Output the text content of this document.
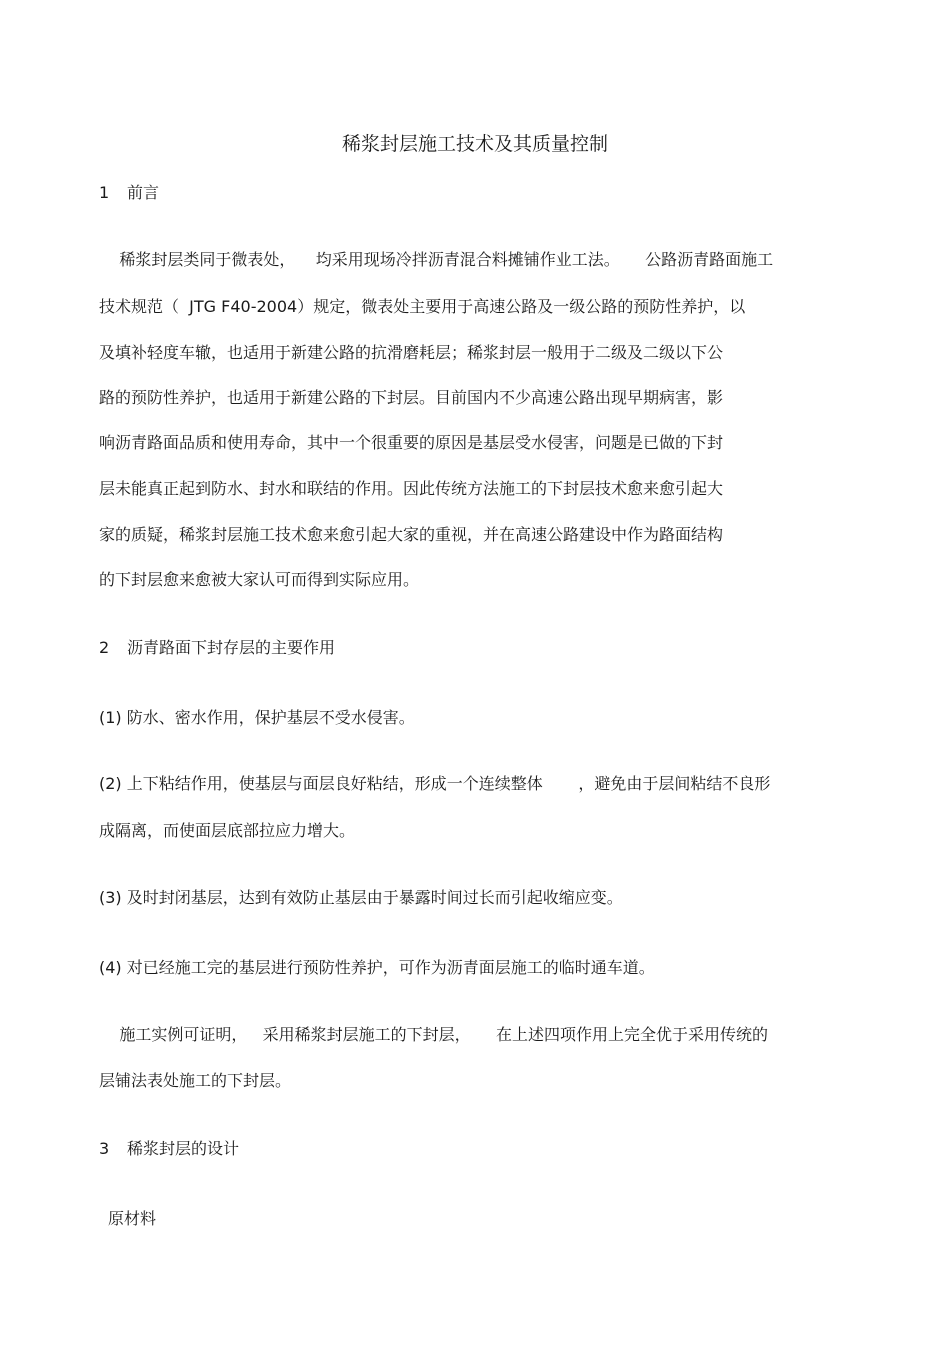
稀浆封层施工技术及其质量控制
1 前言
稀浆封层类同于微表处，    均采用现场冷拌沥青混合料摊铺作业工法。     公路沥青路面施工
技术规范（  JTG F40-2004）规定，微表处主要用于高速公路及一级公路的预防性养护，以
及填补轻度车辙，也适用于新建公路的抗滑磨耗层；稀浆封层一般用于二级及二级以下公
路的预防性养护，也适用于新建公路的下封层。目前国内不少高速公路出现早期病害，影
响沥青路面品质和使用寿命，其中一个很重要的原因是基层受水侵害，问题是已做的下封
层未能真正起到防水、封水和联结的作用。因此传统方法施工的下封层技术愈来愈引起大
家的质疑，稀浆封层施工技术愈来愈引起大家的重视，并在高速公路建设中作为路面结构
的下封层愈来愈被大家认可而得到实际应用。
2 沥青路面下封存层的主要作用
(1) 防水、密水作用，保护基层不受水侵害。
(2) 上下粘结作用，使基层与面层良好粘结，形成一个连续整体       ，避免由于层间粘结不良形
成隔离，而使面层底部拉应力增大。
(3) 及时封闭基层，达到有效防止基层由于暴露时间过长而引起收缩应变。
(4) 对已经施工完的基层进行预防性养护，可作为沥青面层施工的临时通车道。
施工实例可证明，   采用稀浆封层施工的下封层，     在上述四项作用上完全优于采用传统的
层铺法表处施工的下封层。
3 稀浆封层的设计
原材料
